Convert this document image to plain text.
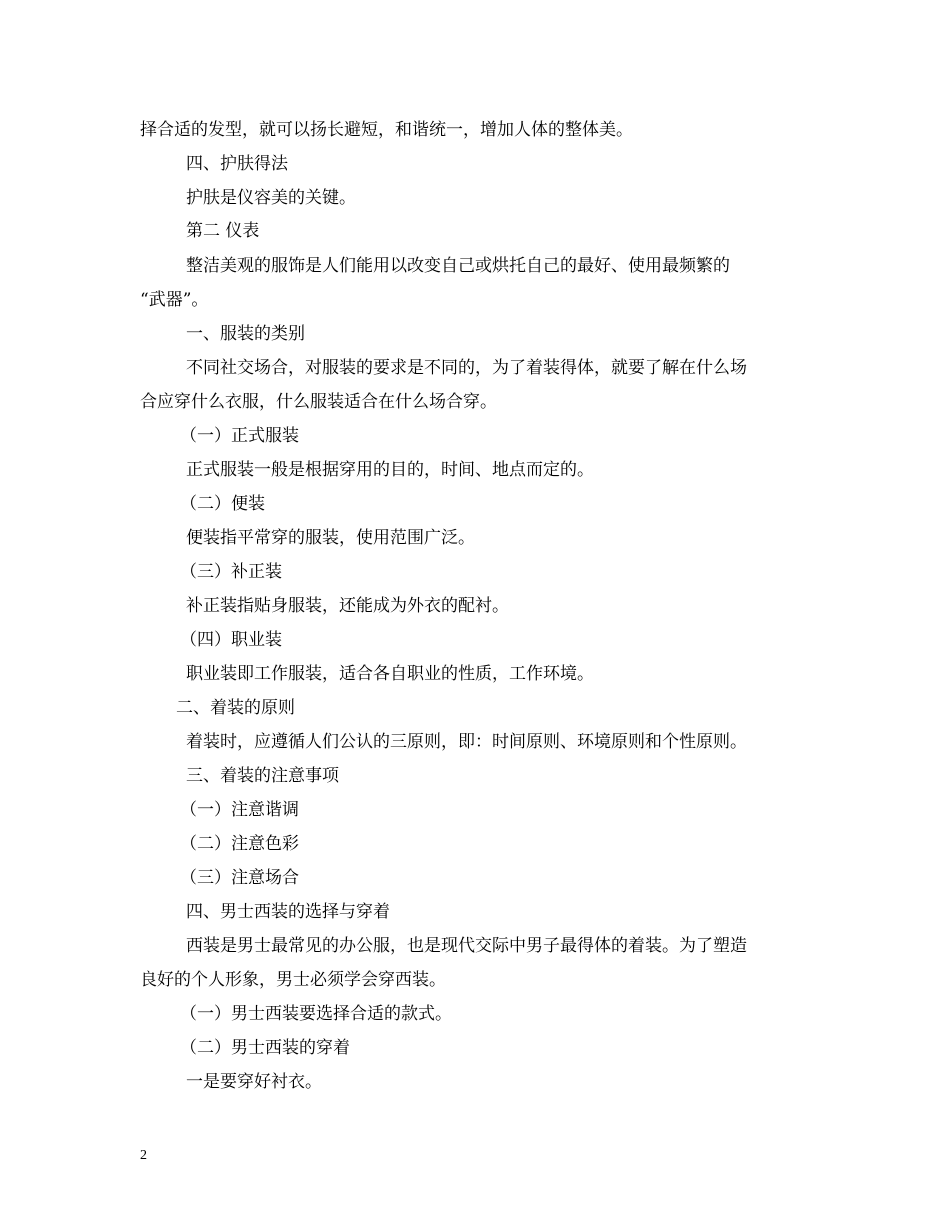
择合适的发型，就可以扬长避短，和谐统一，增加人体的整体美。
四、护肤得法
护肤是仪容美的关键。
第二 仪表
整洁美观的服饰是人们能用以改变自己或烘托自己的最好、使用最频繁的
“武器”。
一、服装的类别
不同社交场合，对服装的要求是不同的，为了着装得体，就要了解在什么场
合应穿什么衣服，什么服装适合在什么场合穿。
（一）正式服装
正式服装一般是根据穿用的目的，时间、地点而定的。
（二）便装
便装指平常穿的服装，使用范围广泛。
（三）补正装
补正装指贴身服装，还能成为外衣的配衬。
（四）职业装
职业装即工作服装，适合各自职业的性质，工作环境。
二、着装的原则
着装时，应遵循人们公认的三原则，即：时间原则、环境原则和个性原则。
三、着装的注意事项
（一）注意谐调
（二）注意色彩
（三）注意场合
四、男士西装的选择与穿着
西装是男士最常见的办公服，也是现代交际中男子最得体的着装。为了塑造
良好的个人形象，男士必须学会穿西装。
（一）男士西装要选择合适的款式。
（二）男士西装的穿着
一是要穿好衬衣。
2
